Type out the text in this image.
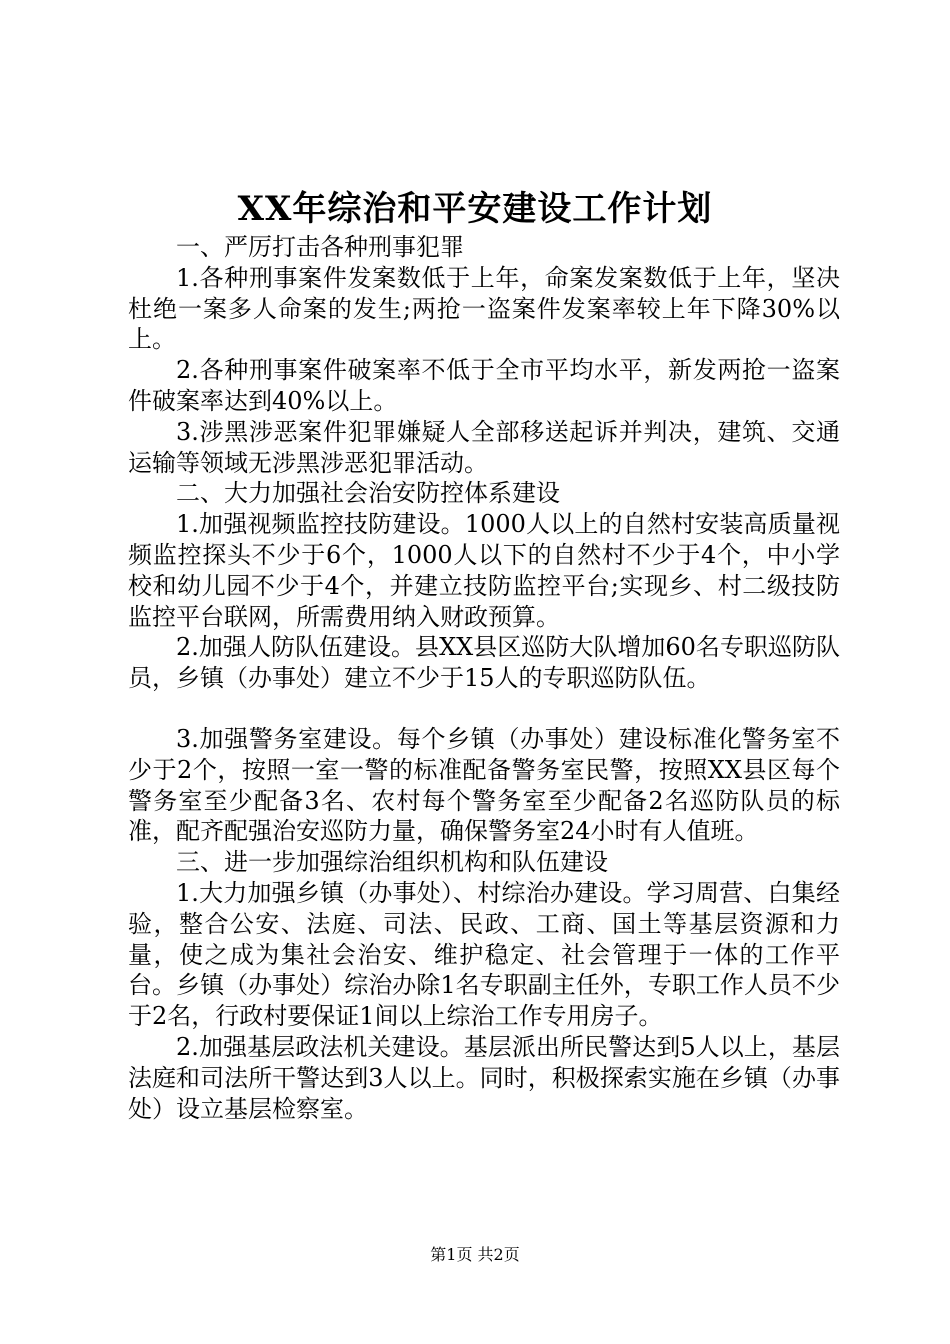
XX年综治和平安建设工作计划

一、严厉打击各种刑事犯罪

1.各种刑事案件发案数低于上年，命案发案数低于上年，坚决杜绝一案多人命案的发生;两抢一盗案件发案率较上年下降30%以上。

2.各种刑事案件破案率不低于全市平均水平，新发两抢一盗案件破案率达到40%以上。

3.涉黑涉恶案件犯罪嫌疑人全部移送起诉并判决，建筑、交通运输等领域无涉黑涉恶犯罪活动。

二、大力加强社会治安防控体系建设

1.加强视频监控技防建设。1000人以上的自然村安装高质量视频监控探头不少于6个，1000人以下的自然村不少于4个，中小学校和幼儿园不少于4个，并建立技防监控平台;实现乡、村二级技防监控平台联网，所需费用纳入财政预算。

2.加强人防队伍建设。县XX县区巡防大队增加60名专职巡防队员，乡镇（办事处）建立不少于15人的专职巡防队伍。

3.加强警务室建设。每个乡镇（办事处）建设标准化警务室不少于2个，按照一室一警的标准配备警务室民警，按照XX县区每个警务室至少配备3名、农村每个警务室至少配备2名巡防队员的标准，配齐配强治安巡防力量，确保警务室24小时有人值班。

三、进一步加强综治组织机构和队伍建设

1.大力加强乡镇（办事处）、村综治办建设。学习周营、白集经验，整合公安、法庭、司法、民政、工商、国土等基层资源和力量，使之成为集社会治安、维护稳定、社会管理于一体的工作平台。乡镇（办事处）综治办除1名专职副主任外，专职工作人员不少于2名，行政村要保证1间以上综治工作专用房子。

2.加强基层政法机关建设。基层派出所民警达到5人以上，基层法庭和司法所干警达到3人以上。同时，积极探索实施在乡镇（办事处）设立基层检察室。

第1页 共2页
